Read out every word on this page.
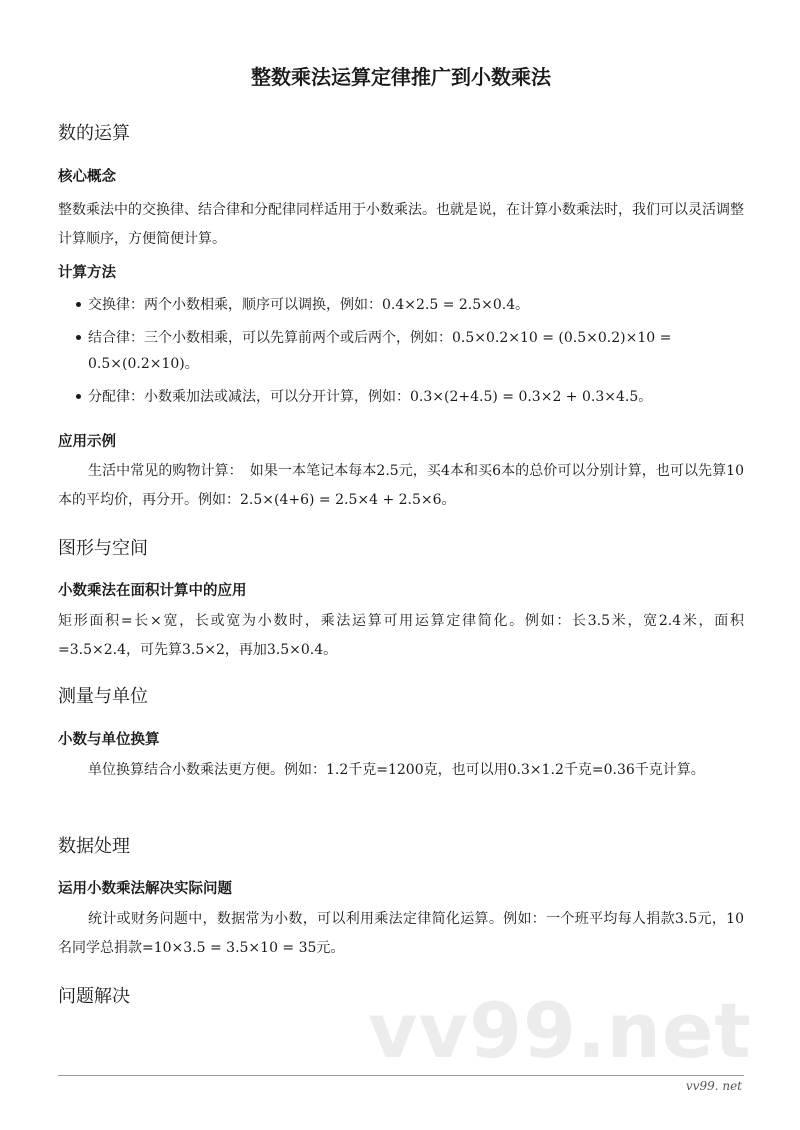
整数乘法运算定律推广到小数乘法
数的运算
核心概念

整数乘法中的交换律、结合律和分配律同样适用于小数乘法。也就是说，在计算小数乘法时，我们可以灵活调整计算顺序，方便简便计算。

计算方法
交换律：两个小数相乘，顺序可以调换，例如：0.4×2.5 = 2.5×0.4。
结合律：三个小数相乘，可以先算前两个或后两个，例如：0.5×0.2×10 = (0.5×0.2)×10 = 0.5×(0.2×10)。
分配律：小数乘加法或减法，可以分开计算，例如：0.3×(2+4.5) = 0.3×2 + 0.3×4.5。
应用示例

生活中常见的购物计算：　如果一本笔记本每本2.5元，买4本和买6本的总价可以分别计算，也可以先算10本的平均价，再分开。例如：2.5×(4+6) = 2.5×4 + 2.5×6。

图形与空间
小数乘法在面积计算中的应用

矩形面积=长×宽，长或宽为小数时，乘法运算可用运算定律简化。例如：长3.5米，宽2.4米，面积=3.5×2.4，可先算3.5×2，再加3.5×0.4。

测量与单位
小数与单位换算

单位换算结合小数乘法更方便。例如：1.2千克=1200克，也可以用0.3×1.2千克=0.36千克计算。

数据处理
运用小数乘法解决实际问题

统计或财务问题中，数据常为小数，可以利用乘法定律简化运算。例如：一个班平均每人捐款3.5元，10名同学总捐款=10×3.5 = 3.5×10 = 35元。

问题解决	vv99.net
vv99. net
